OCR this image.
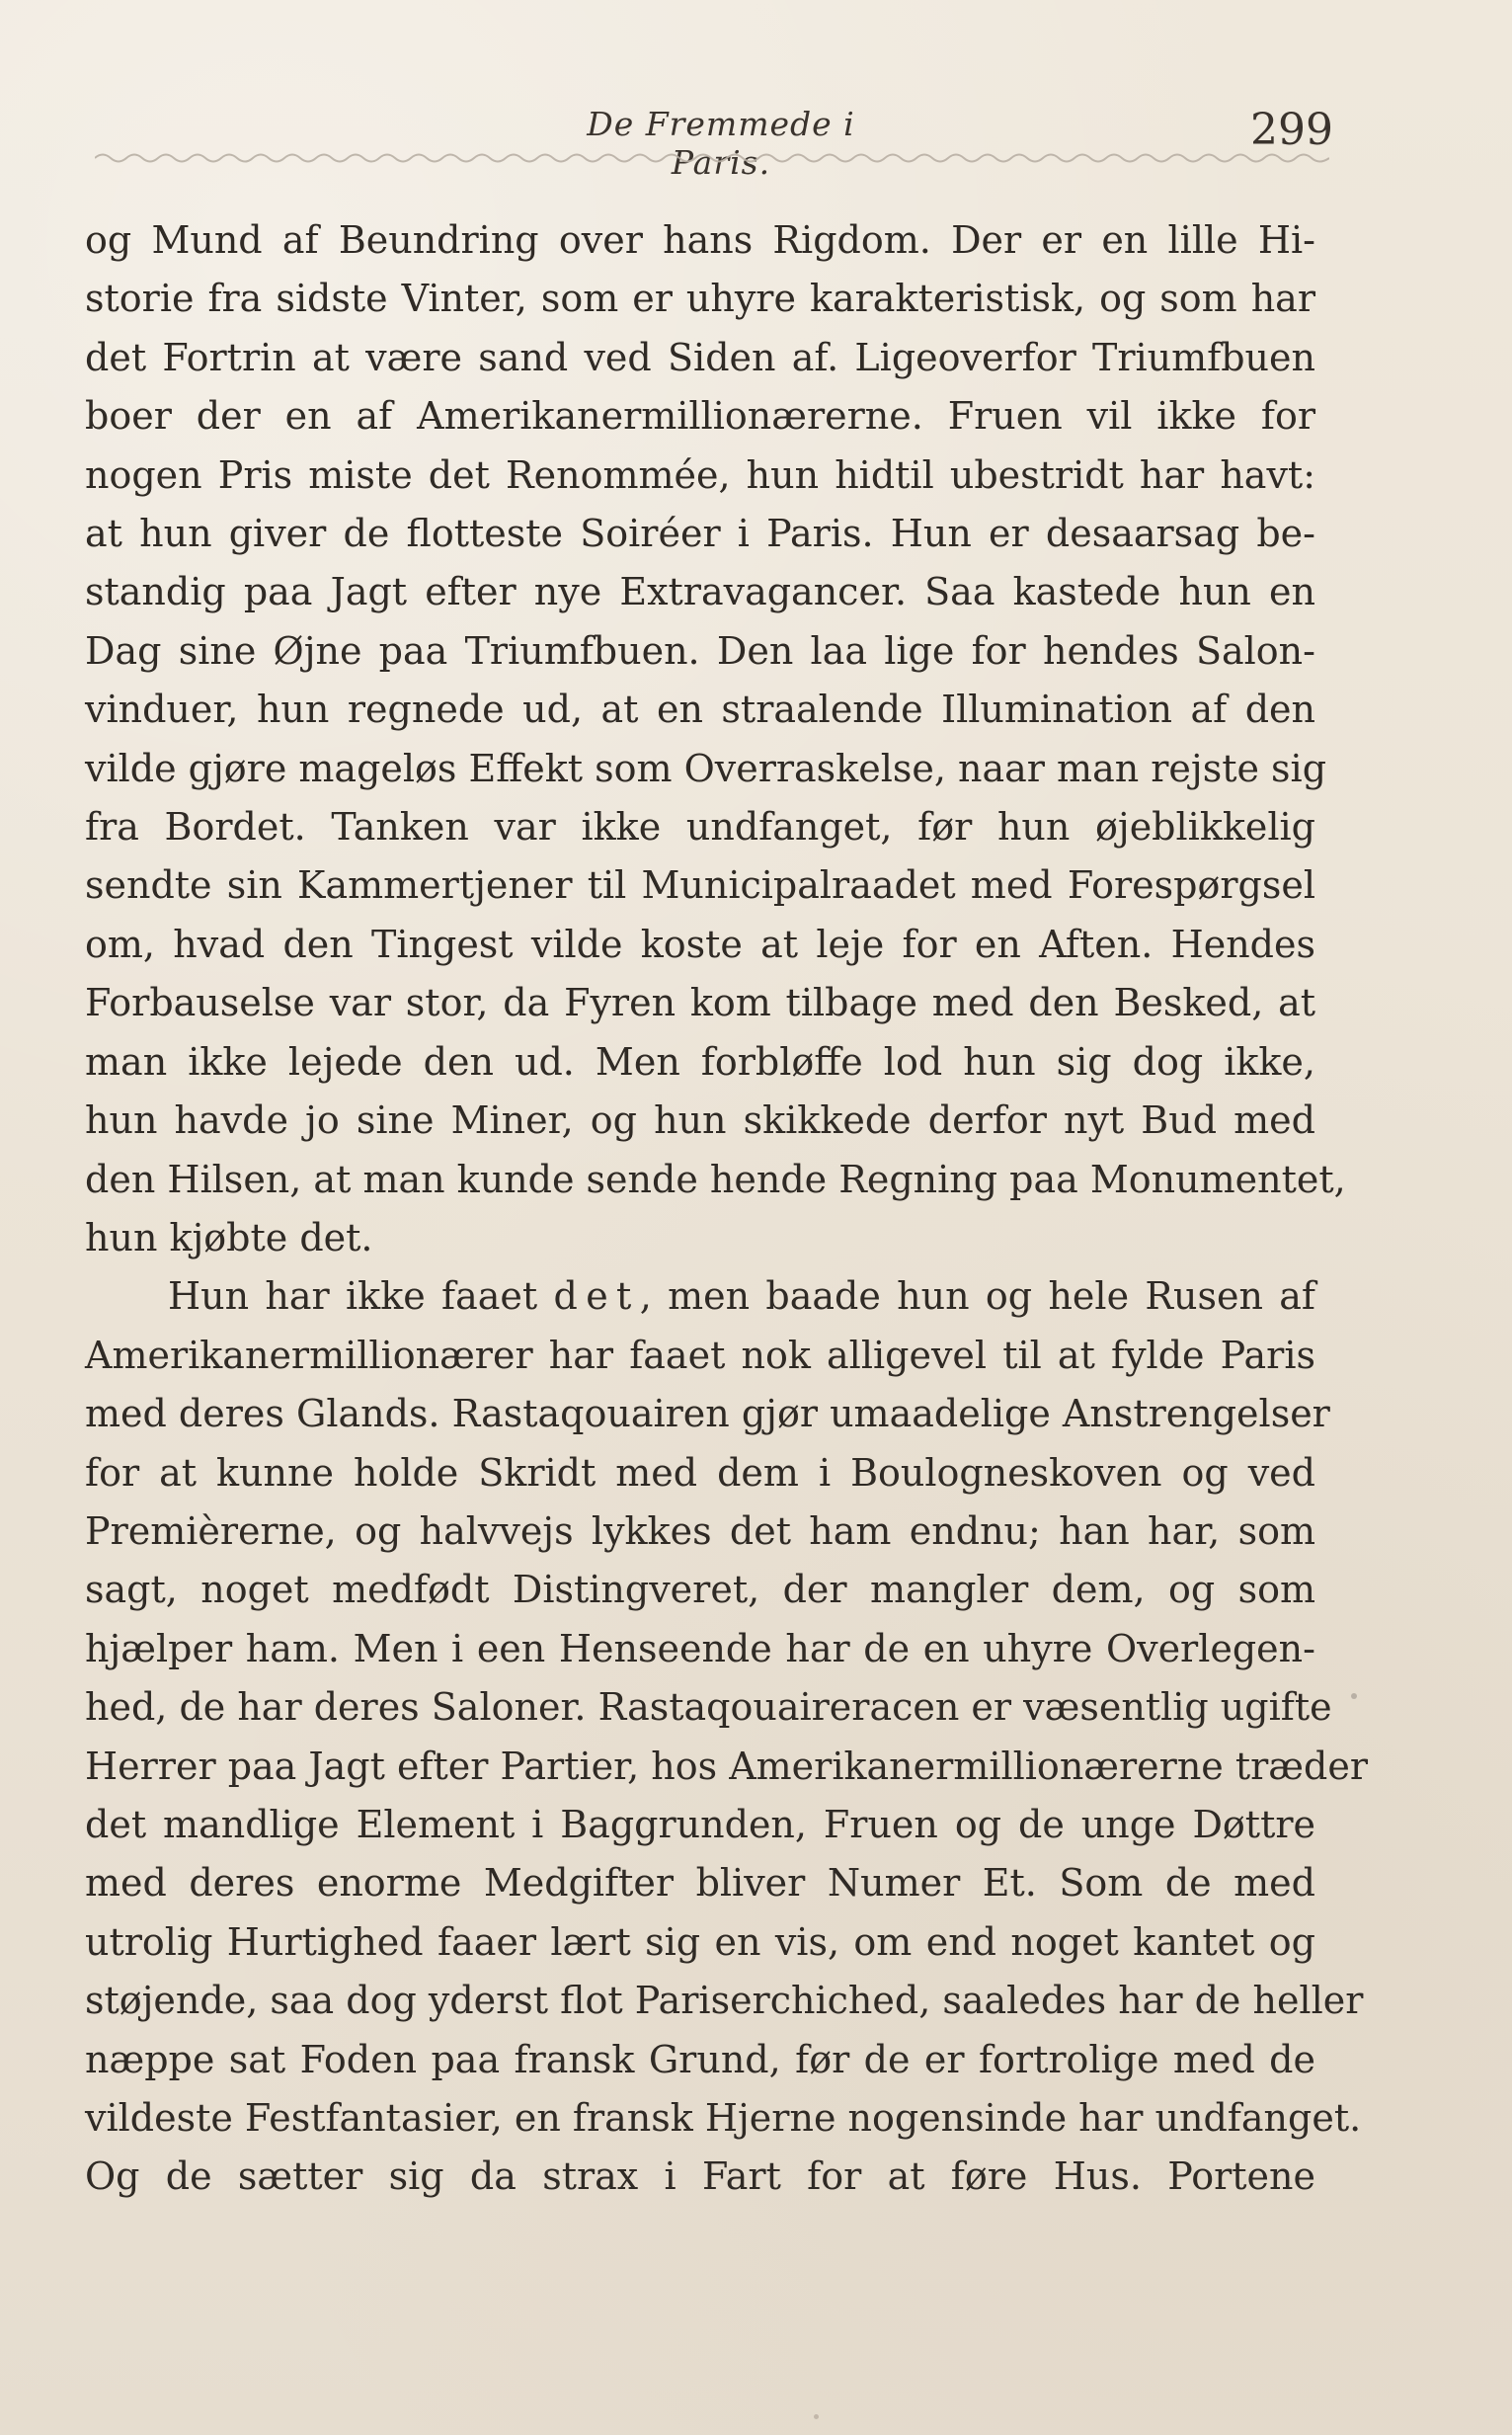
De Fremmede i Paris.
299
og Mund af Beundring over hans Rigdom. Der er en lille Hi-
storie fra sidste Vinter, som er uhyre karakteristisk, og som har
det Fortrin at være sand ved Siden af. Ligeoverfor Triumfbuen
boer der en af Amerikanermillionærerne. Fruen vil ikke for
nogen Pris miste det Renommée, hun hidtil ubestridt har havt:
at hun giver de flotteste Soiréer i Paris. Hun er desaarsag be-
standig paa Jagt efter nye Extravagancer. Saa kastede hun en
Dag sine Øjne paa Triumfbuen. Den laa lige for hendes Salon-
vinduer, hun regnede ud, at en straalende Illumination af den
vilde gjøre mageløs Effekt som Overraskelse, naar man rejste sig
fra Bordet. Tanken var ikke undfanget, før hun øjeblikkelig
sendte sin Kammertjener til Municipalraadet med Forespørgsel
om, hvad den Tingest vilde koste at leje for en Aften. Hendes
Forbauselse var stor, da Fyren kom tilbage med den Besked, at
man ikke lejede den ud. Men forbløffe lod hun sig dog ikke,
hun havde jo sine Miner, og hun skikkede derfor nyt Bud med
den Hilsen, at man kunde sende hende Regning paa Monumentet,
hun kjøbte det.
Hun har ikke faaet det, men baade hun og hele Rusen af
Amerikanermillionærer har faaet nok alligevel til at fylde Paris
med deres Glands. Rastaqouairen gjør umaadelige Anstrengelser
for at kunne holde Skridt med dem i Boulogneskoven og ved
Premièrerne, og halvvejs lykkes det ham endnu; han har, som
sagt, noget medfødt Distingveret, der mangler dem, og som
hjælper ham. Men i een Henseende har de en uhyre Overlegen-
hed, de har deres Saloner. Rastaqouaireracen er væsentlig ugifte
Herrer paa Jagt efter Partier, hos Amerikanermillionærerne træder
det mandlige Element i Baggrunden, Fruen og de unge Døttre
med deres enorme Medgifter bliver Numer Et. Som de med
utrolig Hurtighed faaer lært sig en vis, om end noget kantet og
støjende, saa dog yderst flot Pariserchiched, saaledes har de heller
næppe sat Foden paa fransk Grund, før de er fortrolige med de
vildeste Festfantasier, en fransk Hjerne nogensinde har undfanget.
Og de sætter sig da strax i Fart for at føre Hus. Portene
